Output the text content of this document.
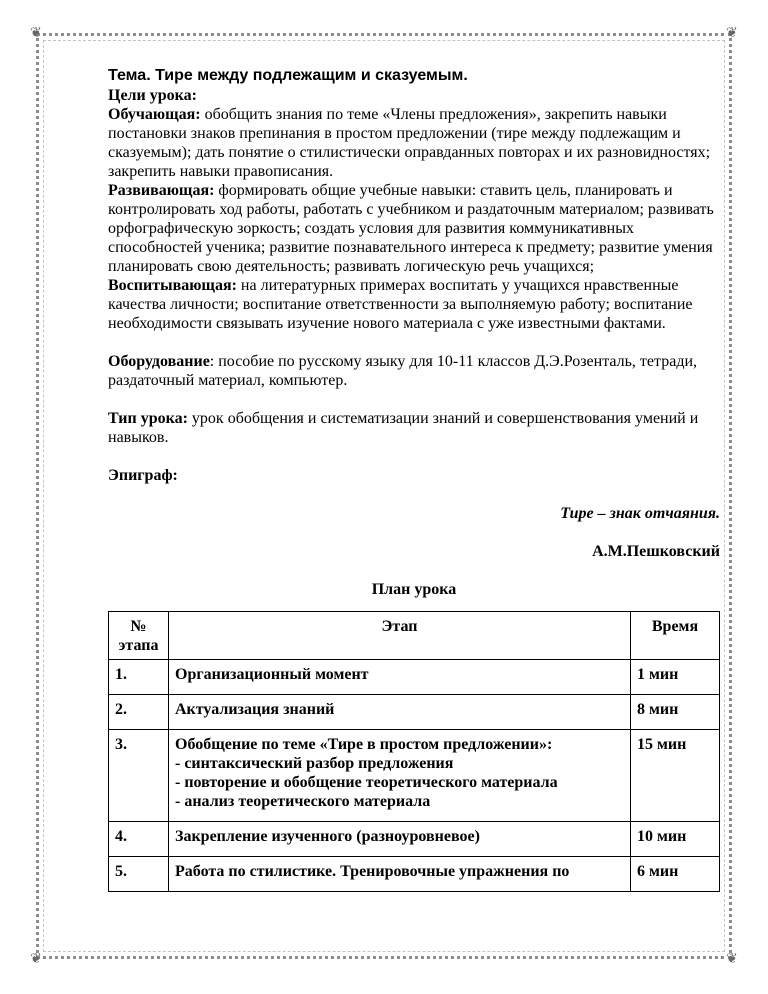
❦	❦
❦	❦

Тема. Тире между подлежащим и сказуемым.

Цели урока:

Обучающая: обобщить знания по теме «Члены предложения», закрепить навыки постановки знаков препинания в простом предложении (тире между подлежащим и сказуемым); дать понятие о стилистически оправданных повторах и их разновидностях; закрепить навыки правописания.

Развивающая: формировать общие учебные навыки: ставить цель, планировать и контролировать ход работы, работать с учебником и раздаточным материалом; развивать орфографическую зоркость; создать условия для развития коммуникативных способностей ученика; развитие познавательного интереса к предмету; развитие умения планировать свою деятельность; развивать логическую речь учащихся;

Воспитывающая: на литературных примерах воспитать у учащихся нравственные качества личности; воспитание ответственности за выполняемую работу; воспитание необходимости связывать изучение нового материала с уже известными фактами.

Оборудование: пособие по русскому языку для 10-11 классов Д.Э.Розенталь, тетради, раздаточный материал, компьютер.

Тип урока: урок обобщения и систематизации знаний и совершенствования умений и навыков.

Эпиграф:

Тире – знак отчаяния.

А.М.Пешковский

План урока

№ этапа	Этап	Время
1.	Организационный момент	1 мин
2.	Актуализация знаний	8 мин
3.	Обобщение по теме «Тире в простом предложении»:
- синтаксический разбор предложения
- повторение и обобщение теоретического материала
- анализ теоретического материала	15 мин
4.	Закрепление изученного (разноуровневое)	10 мин
5.	Работа по стилистике. Тренировочные упражнения по	6 мин
